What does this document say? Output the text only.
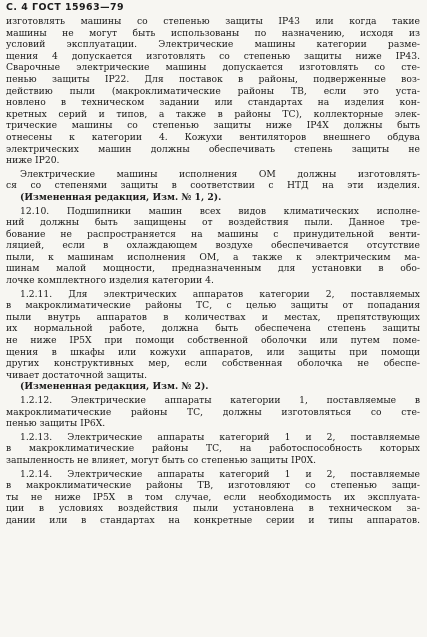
С. 4 ГОСТ 15963—79
изготовлять машины со степенью защиты IP43 или когда такие
машины не могут быть использованы по назначению, исходя из
условий эксплуатации. Электрические машины категории разме-
щения 4 допускается изготовлять со степенью защиты ниже IP43.
Сварочные электрические машины допускается изготовлять со сте-
пенью защиты IP22. Для поставок в районы, подверженные воз-
действию пыли (макроклиматические районы ТВ, если это уста-
новлено в техническом задании или стандартах на изделия кон-
кретных серий и типов, а также в районы ТС), коллекторные элек-
трические машины со степенью защиты ниже IP4X должны быть
отнесены к категории 4. Кожухи вентиляторов внешнего обдува
электрических машин должны обеспечивать степень защиты не
ниже IP20.
Электрические машины исполнения ОМ должны изготовлять-
ся со степенями защиты в соответствии с НТД на эти изделия.
(Измененная редакция, Изм. № 1, 2).
12.10. Подшипники машин всех видов климатических исполне-
ний должны быть защищены от воздействия пыли. Данное тре-
бование не распространяется на машины с принудительной венти-
ляцией, если в охлаждающем воздухе обеспечивается отсутствие
пыли, к машинам исполнения ОМ, а также к электрическим ма-
шинам малой мощности, предназначенным для установки в обо-
лочке комплектного изделия категории 4.
1.2.11. Для электрических аппаратов категории 2, поставляемых
в макроклиматические районы ТС, с целью защиты от попадания
пыли внутрь аппаратов в количествах и местах, препятствующих
их нормальной работе, должна быть обеспечена степень защиты
не ниже IP5X при помощи собственной оболочки или путем поме-
щения в шкафы или кожухи аппаратов, или защиты при помощи
других конструктивных мер, если собственная оболочка не обеспе-
чивает достаточной защиты.
(Измененная редакция, Изм. № 2).
1.2.12. Электрические аппараты категории 1, поставляемые в
макроклиматические районы ТС, должны изготовляться со сте-
пенью защиты IP6X.
1.2.13. Электрические аппараты категорий 1 и 2, поставляемые
в макроклиматические районы ТС, на работоспособность которых
запыленность не влияет, могут быть со степенью защиты IP0X.
1.2.14. Электрические аппараты категорий 1 и 2, поставляемые
в макроклиматические районы ТВ, изготовляют со степенью защи-
ты не ниже IP5X в том случае, если необходимость их эксплуата-
ции в условиях воздействия пыли установлена в техническом за-
дании или в стандартах на конкретные серии и типы аппаратов.
